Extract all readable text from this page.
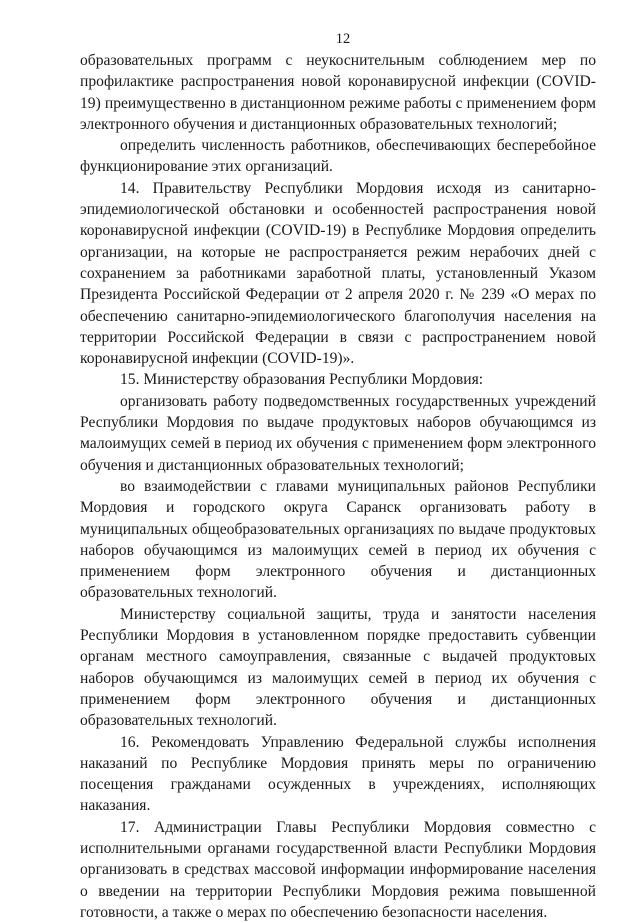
12

образовательных программ с неукоснительным соблюдением мер по профилактике распространения новой коронавирусной инфекции (COVID-19) преимущественно в дистанционном режиме работы с применением форм электронного обучения и дистанционных образовательных технологий;

определить численность работников, обеспечивающих бесперебойное функционирование этих организаций.

14. Правительству Республики Мордовия исходя из санитарно-эпидемиологической обстановки и особенностей распространения новой коронавирусной инфекции (COVID-19) в Республике Мордовия определить организации, на которые не распространяется режим нерабочих дней с сохранением за работниками заработной платы, установленный Указом Президента Российской Федерации от 2 апреля 2020 г. № 239 «О мерах по обеспечению санитарно-эпидемиологического благополучия населения на территории Российской Федерации в связи с распространением новой коронавирусной инфекции (COVID-19)».

15. Министерству образования Республики Мордовия:

организовать работу подведомственных государственных учреждений Республики Мордовия по выдаче продуктовых наборов обучающимся из малоимущих семей в период их обучения с применением форм электронного обучения и дистанционных образовательных технологий;

во взаимодействии с главами муниципальных районов Республики Мордовия и городского округа Саранск организовать работу в муниципальных общеобразовательных организациях по выдаче продуктовых наборов обучающимся из малоимущих семей в период их обучения с применением форм электронного обучения и дистанционных образовательных технологий.

Министерству социальной защиты, труда и занятости населения Республики Мордовия в установленном порядке предоставить субвенции органам местного самоуправления, связанные с выдачей продуктовых наборов обучающимся из малоимущих семей в период их обучения с применением форм электронного обучения и дистанционных образовательных технологий.

16. Рекомендовать Управлению Федеральной службы исполнения наказаний по Республике Мордовия принять меры по ограничению посещения гражданами осужденных в учреждениях, исполняющих наказания.

17. Администрации Главы Республики Мордовия совместно с исполнительными органами государственной власти Республики Мордовия организовать в средствах массовой информации информирование населения о введении на территории Республики Мордовия режима повышенной готовности, а также о мерах по обеспечению безопасности населения.
